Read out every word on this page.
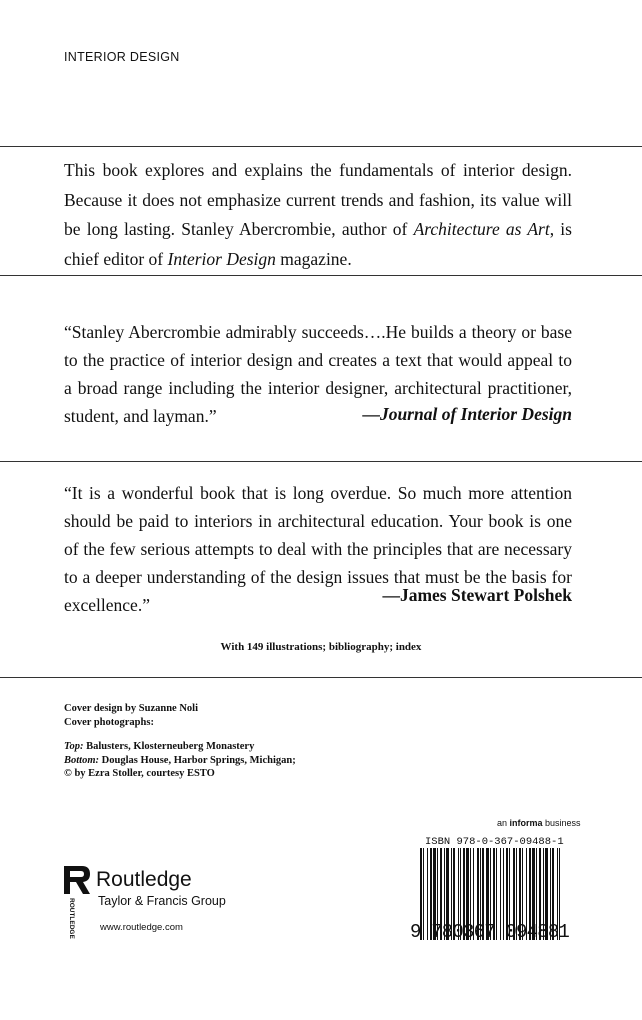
INTERIOR DESIGN
This book explores and explains the fundamentals of interior design. Because it does not emphasize current trends and fashion, its value will be long lasting. Stanley Abercrombie, author of Architecture as Art, is chief editor of Interior Design magazine.
“Stanley Abercrombie admirably succeeds….He builds a theory or base to the practice of interior design and creates a text that would appeal to a broad range including the interior designer, architectural practitioner, student, and layman.”	—Journal of Interior Design
“It is a wonderful book that is long overdue. So much more attention should be paid to interiors in architectural education. Your book is one of the few serious attempts to deal with the principles that are necessary to a deeper understanding of the design issues that must be the basis for excellence.”	—James Stewart Polshek
With 149 illustrations; bibliography; index
Cover design by Suzanne Noli
Cover photographs:
Top: Balusters, Klosterneuberg Monastery
Bottom: Douglas House, Harbor Springs, Michigan;
© by Ezra Stoller, courtesy ESTO
ROUTLEDGE
Routledge
Taylor & Francis Group
www.routledge.com
an informa business
ISBN 978-0-367-09488-1
9 780367 094881
